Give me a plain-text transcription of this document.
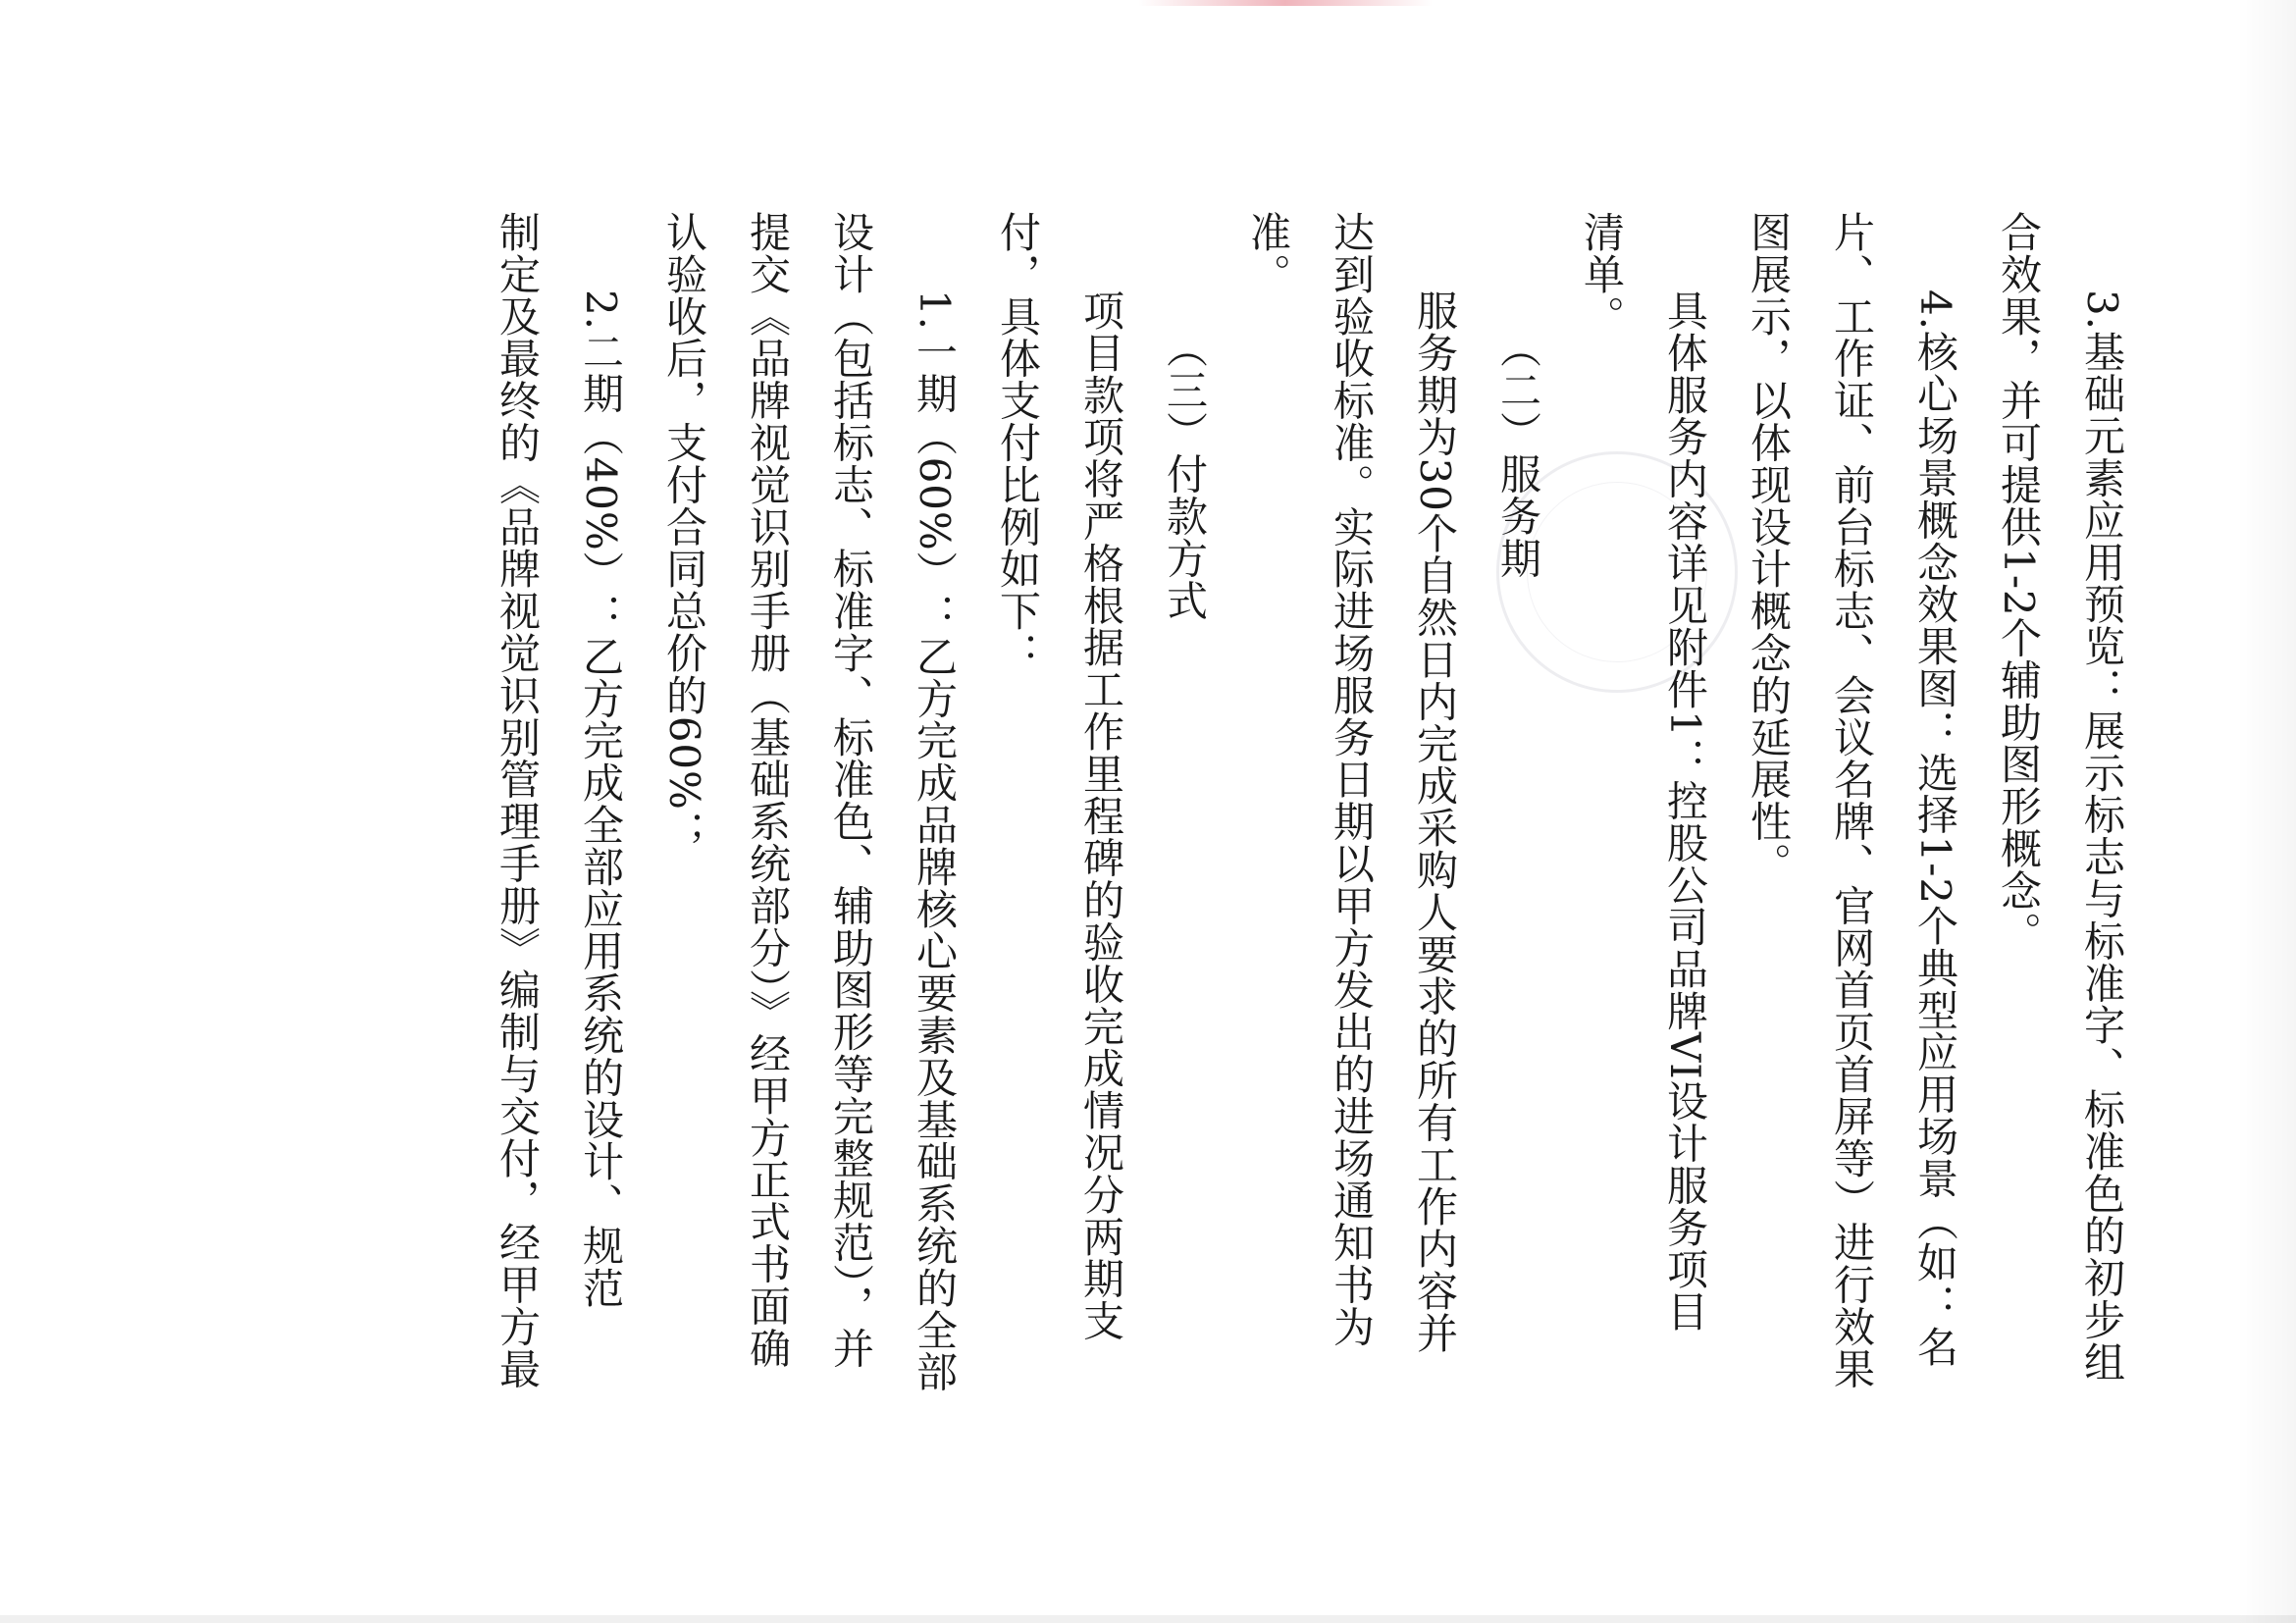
3.基础元素应用预览：展示标志与标准字、标准色的初步组
合效果，并可提供1-2个辅助图形概念。
4.核心场景概念效果图：选择1-2个典型应用场景（如：名
片、工作证、前台标志、会议名牌、官网首页首屏等）进行效果
图展示，以体现设计概念的延展性。
具体服务内容详见附件1：控股公司品牌VI设计服务项目
清单。
（二）服务期
服务期为30个自然日内完成采购人要求的所有工作内容并
达到验收标准。实际进场服务日期以甲方发出的进场通知书为
准。
（三）付款方式
项目款项将严格根据工作里程碑的验收完成情况分两期支
付，具体支付比例如下：
1.一期（60%）：乙方完成品牌核心要素及基础系统的全部
设计（包括标志、标准字、标准色、辅助图形等完整规范），并
提交《品牌视觉识别手册（基础系统部分）》经甲方正式书面确
认验收后，支付合同总价的60%；
2.二期（40%）：乙方完成全部应用系统的设计、规范
制定及最终的《品牌视觉识别管理手册》编制与交付，经甲方最
